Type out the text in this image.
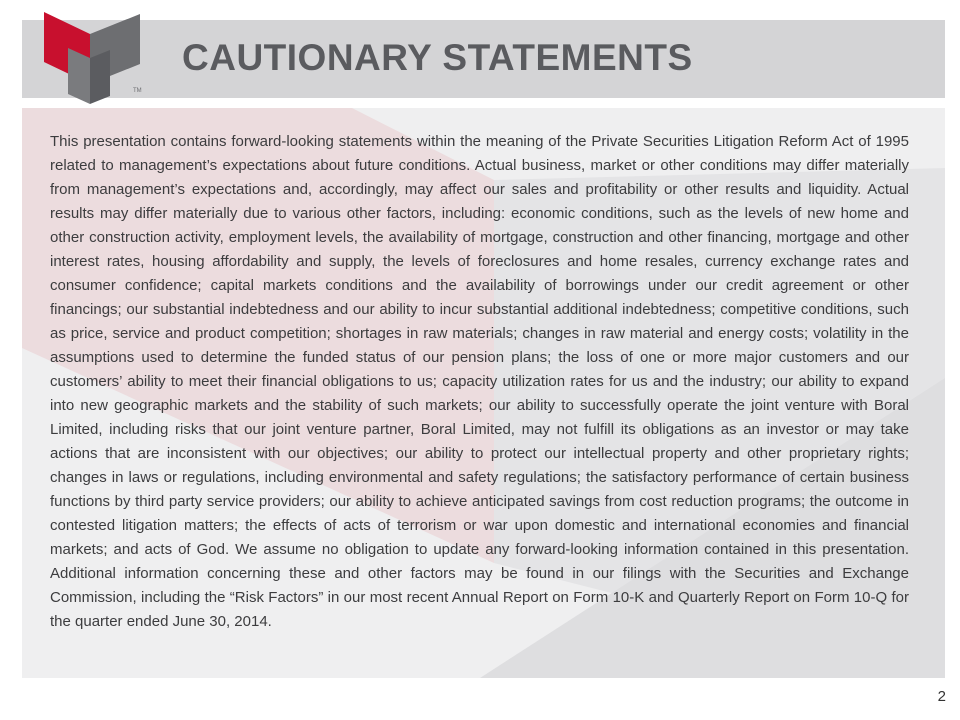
TM
CAUTIONARY STATEMENTS

This presentation contains forward-looking statements within the meaning of the Private Securities Litigation Reform Act of 1995 related to management’s expectations about future conditions. Actual business, market or other conditions may differ materially from management’s expectations and, accordingly, may affect our sales and profitability or other results and liquidity. Actual results may differ materially due to various other factors, including: economic conditions, such as the levels of new home and other construction activity, employment levels, the availability of mortgage, construction and other financing, mortgage and other interest rates, housing affordability and supply, the levels of foreclosures and home resales, currency exchange rates and consumer confidence; capital markets conditions and the availability of borrowings under our credit agreement or other financings; our substantial indebtedness and our ability to incur substantial additional indebtedness; competitive conditions, such as price, service and product competition; shortages in raw materials; changes in raw material and energy costs; volatility in the assumptions used to determine the funded status of our pension plans; the loss of one or more major customers and our customers’ ability to meet their financial obligations to us; capacity utilization rates for us and the industry; our ability to expand into new geographic markets and the stability of such markets; our ability to successfully operate the joint venture with Boral Limited, including risks that our joint venture partner, Boral Limited, may not fulfill its obligations as an investor or may take actions that are inconsistent with our objectives; our ability to protect our intellectual property and other proprietary rights; changes in laws or regulations, including environmental and safety regulations; the satisfactory performance of certain business functions by third party service providers; our ability to achieve anticipated savings from cost reduction programs; the outcome in contested litigation matters; the effects of acts of terrorism or war upon domestic and international economies and financial markets; and acts of God. We assume no obligation to update any forward-looking information contained in this presentation. Additional information concerning these and other factors may be found in our filings with the Securities and Exchange Commission, including the “Risk Factors” in our most recent Annual Report on Form 10-K and Quarterly Report on Form 10-Q for the quarter ended June 30, 2014.

2
